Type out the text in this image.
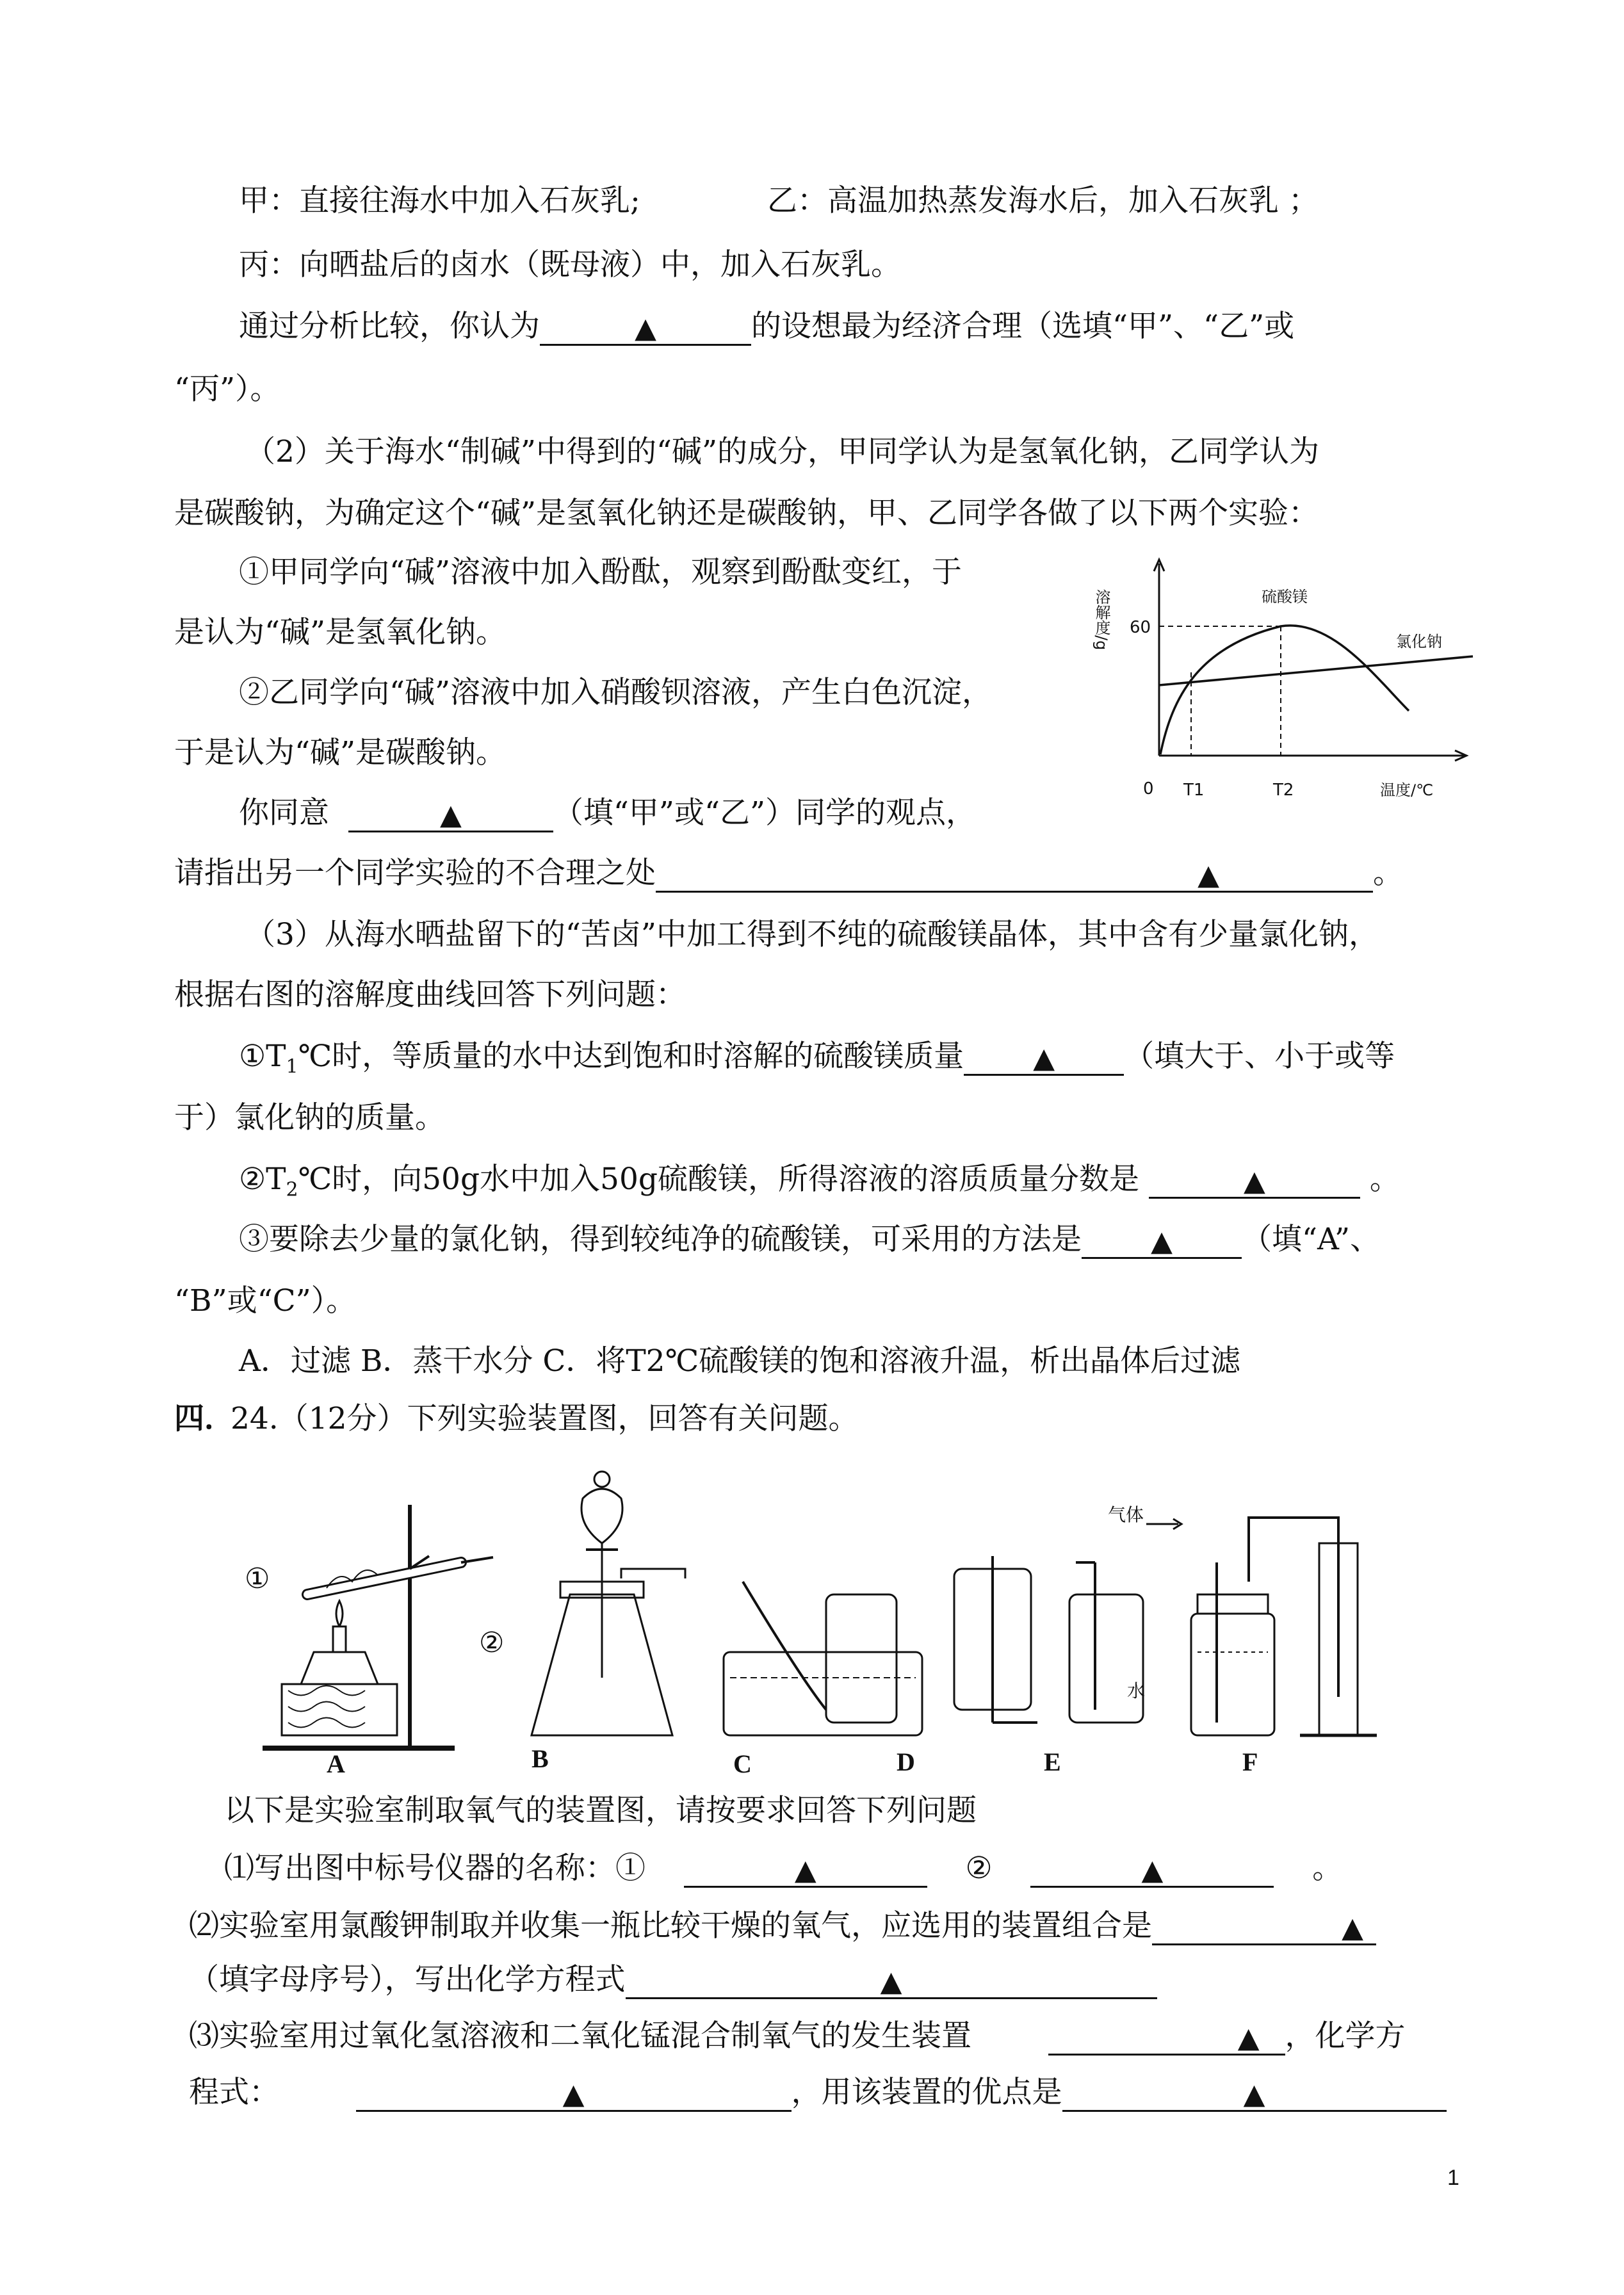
甲：直接往海水中加入石灰乳;	乙：高温加热蒸发海水后，加入石灰乳 ；
丙：向晒盐后的卤水（既母液）中，加入石灰乳。
通过分析比较，你认为	▲	的设想最为经济合理（选填“甲”、“乙”或
“丙”）。
（2）关于海水“制碱”中得到的“碱”的成分，甲同学认为是氢氧化钠，乙同学认为
是碳酸钠，为确定这个“碱”是氢氧化钠还是碳酸钠，甲、乙同学各做了以下两个实验：
①甲同学向“碱”溶液中加入酚酞，观察到酚酞变红，于
是认为“碱”是氢氧化钠。
②乙同学向“碱”溶液中加入硝酸钡溶液，产生白色沉淀，
于是认为“碱”是碳酸钠。
你同意	▲	（填“甲”或“乙”）同学的观点，
请指出另一个同学实验的不合理之处	▲	。
（3）从海水晒盐留下的“苦卤”中加工得到不纯的硫酸镁晶体，其中含有少量氯化钠，
根据右图的溶解度曲线回答下列问题：
$①T_1℃$时，等质量的水中达到饱和时溶解的硫酸镁质量 ▲ （填大于、小于或等
于）氯化钠的质量。
$②T_2℃$时，向50g水中加入50g硫酸镁，所得溶液的溶质质量分数是	▲	。
③要除去少量的氯化钠，得到较纯净的硫酸镁，可采用的方法是 ▲ （填“A”、
“B”或“C”）。
A．过滤 B．蒸干水分 C．将T2℃硫酸镁的饱和溶液升温，析出晶体后过滤
溶解度/g 60
0 T1	T2	温度/℃
硫酸镁
氯化钠
四．
24.（12分）下列实验装置图，回答有关问题。
①
②
气体
水
A	B	C	D	E	F
以下是实验室制取氧气的装置图，请按要求回答下列问题
⑴写出图中标号仪器的名称：①	▲	②	▲	。
⑵实验室用氯酸钾制取并收集一瓶比较干燥的氧气，应选用的装置组合是	▲
（填字母序号），写出化学方程式	▲
⑶实验室用过氧化氢溶液和二氧化锰混合制氧气的发生装置	▲ ，化学方
程式：	▲	，用该装置的优点是	▲
1
